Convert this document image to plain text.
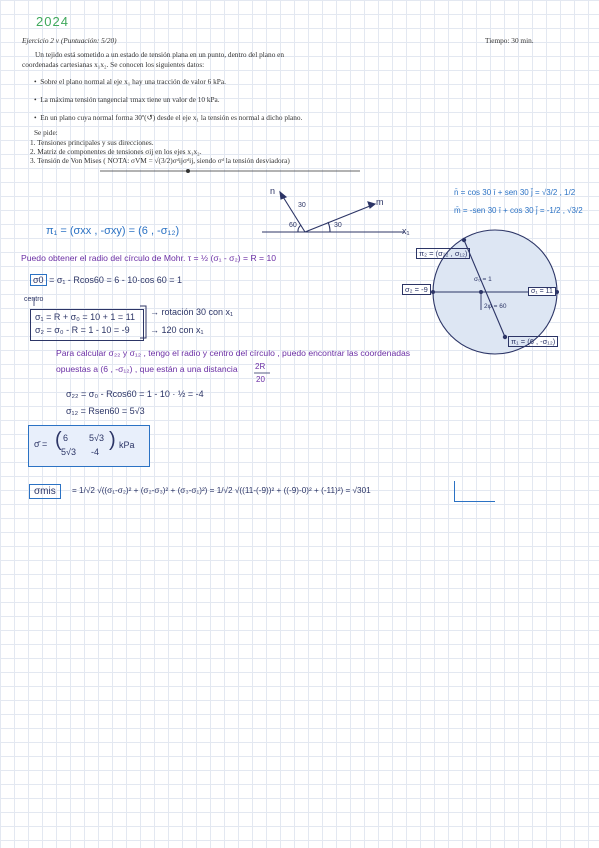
2024
Ejercicio 2 ν (Puntuación: 5/20)	Tiempo: 30 min.
Un tejido está sometido a un estado de tensión plana en un punto, dentro del plano en
coordenadas cartesianas x₁x₂. Se conocen los siguientes datos:
•  Sobre el plano normal al eje x₁ hay una tracción de valor 6 kPa.
•  La máxima tensión tangencial τmax tiene un valor de 10 kPa.
•  En un plano cuya normal forma 30º(↺) desde el eje x₁ la tensión es normal a dicho plano.
Se pide:
1. Tensiones principales y sus direcciones.
2. Matriz de componentes de tensiones σij en los ejes x₁x₂.
3. Tensión de Von Mises ( NOTA: σVM = √(3/2)σᵈijσᵈij, siendo σᵈ la tensión desviadora)
n
m
x₁
60
30
30
n̄ = cos 30 ī + sen 30 j̄ = √3/2 , 1/2
m̄ = -sen 30 ī + cos 30 j̄ = -1/2 , √3/2
π₁ = (σxx , -σxy) = (6 , -σ₁₂)
Puedo obtener el radio del círculo de Mohr. τ = ½ (σ₁ - σ₂) = R = 10
σ0 = σ₁ - Rcos60 = 6 - 10·cos 60 = 1
centro
σ₁ = R + σ₀ = 10 + 1 = 11
σ₂ = σ₀ - R = 1 - 10 = -9
→ rotación 30 con x₁
→ 120 con x₁
π₂ = (σ₂₂ , σ₁₂)
π₁ = (6 , -σ₁₂)
σ₂ = -9	σ₁ = 11
σ₀ = 1
2φ = 60
Para calcular σ₂₂ y σ₁₂ , tengo el radio y centro del círculo , puedo encontrar las coordenadas
opuestas a (6 , -σ₁₂) , que están a una distancia 2R
20
σ₂₂ = σ₀ - Rcos60 = 1 - 10 · ½ = -4
σ₁₂ = Rsen60 = 5√3
σ̄ = ( 6 5√3
5√3 -4
) kPa
σmis	= 1/√2 √((σ₁-σ₂)² + (σ₂-σ₃)² + (σ₃-σ₁)²) = 1/√2 √((11-(-9))² + ((-9)-0)² + (-11)²) = √301
